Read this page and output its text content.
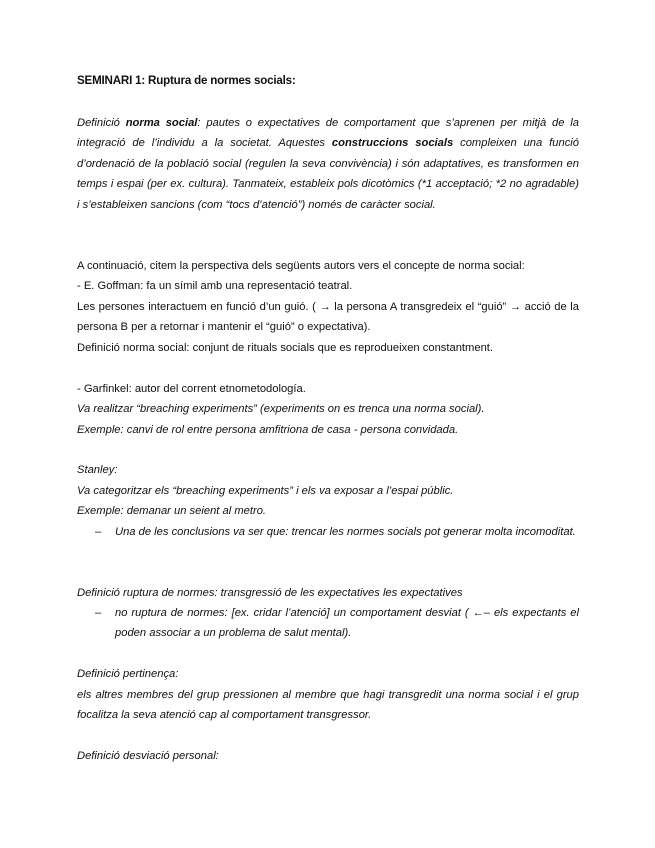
SEMINARI 1: Ruptura de normes socials:

Definició norma social: pautes o expectatives de comportament que s’aprenen per mitjà de la integració de l’individu a la societat. Aquestes construccions socials compleixen una funció d’ordenació de la població social (regulen la seva convivència) i són adaptatives, es transformen en temps i espai (per ex. cultura). Tanmateix, estableix pols dicotòmics (*1 acceptació; *2 no agradable) i s’estableixen sancions (com “tocs d’atenció”) només de caràcter social.

A continuació, citem la perspectiva dels següents autors vers el concepte de norma social:
- E. Goffman: fa un símil amb una representació teatral.
Les persones interactuem en funció d’un guió. ( → la persona A transgredeix el “guió” → acció de la persona B per a retornar i mantenir el “guió” o expectativa).
Definició norma social: conjunt de rituals socials que es reprodueixen constantment.
- Garfinkel: autor del corrent etnometodología.
Va realitzar “breaching experiments” (experiments on es trenca una norma social).
Exemple: canvi de rol entre persona amfitriona de casa - persona convidada.
Stanley:
Va categoritzar els “breaching experiments” i els va exposar a l’espai públic.
Exemple: demanar un seient al metro.
– Una de les conclusions va ser que: trencar les normes socials pot generar molta incomoditat.
Definició ruptura de normes: transgressió de les expectatives les expectatives
– no ruptura de normes: [ex. cridar l’atenció] un comportament desviat ( ←– els expectants el poden associar a un problema de salut mental).
Definició pertinença:
els altres membres del grup pressionen al membre que hagi transgredit una norma social i el grup focalitza la seva atenció cap al comportament transgressor.
Definició desviació personal:
